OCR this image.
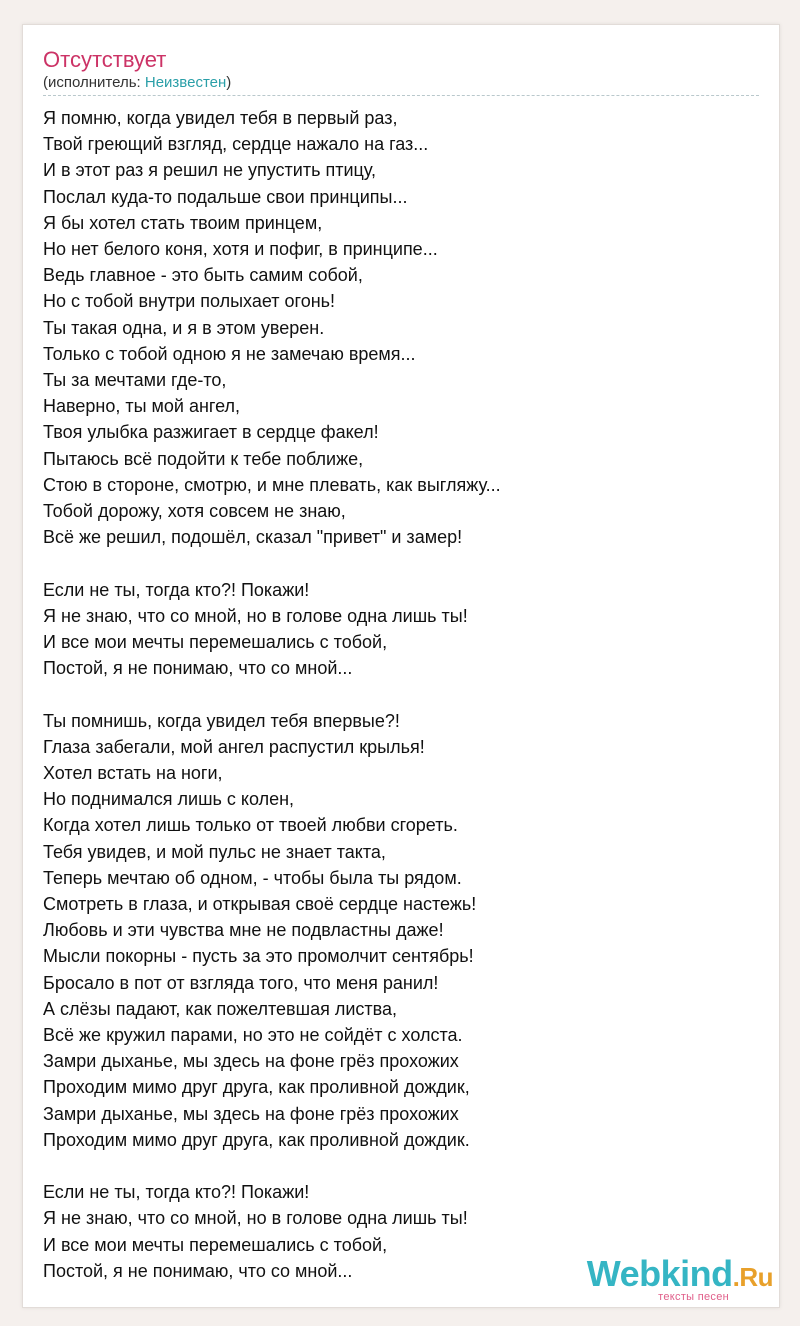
Отсутствует
(исполнитель: Неизвестен)
Я помню, когда увидел тебя в первый раз,
Твой греющий взгляд, сердце нажало на газ...
И в этот раз я решил не упустить птицу,
Послал куда-то подальше свои принципы...
Я бы хотел стать твоим принцем,
Но нет белого коня, хотя и пофиг, в принципе...
Ведь главное - это быть самим собой,
Но с тобой внутри полыхает огонь!
Ты такая одна, и я в этом уверен.
Только с тобой одною я не замечаю время...
Ты за мечтами где-то,
Наверно, ты мой ангел,
Твоя улыбка разжигает в сердце факел!
Пытаюсь всё подойти к тебе поближе,
Стою в стороне, смотрю, и мне плевать, как выгляжу...
Тобой дорожу, хотя совсем не знаю,
Всё же решил, подошёл, сказал "привет" и замер!
Если не ты, тогда кто?! Покажи!
Я не знаю, что со мной, но в голове одна лишь ты!
И все мои мечты перемешались с тобой,
Постой, я не понимаю, что со мной...
Ты помнишь, когда увидел тебя впервые?!
Глаза забегали, мой ангел распустил крылья!
Хотел встать на ноги,
Но поднимался лишь с колен,
Когда хотел лишь только от твоей любви сгореть.
Тебя увидев, и мой пульс не знает такта,
Теперь мечтаю об одном, - чтобы была ты рядом.
Смотреть в глаза, и открывая своё сердце настежь!
Любовь и эти чувства мне не подвластны даже!
Мысли покорны - пусть за это промолчит сентябрь!
Бросало в пот от взгляда того, что меня ранил!
А слёзы падают, как пожелтевшая листва,
Всё же кружил парами, но это не сойдёт с холста.
Замри дыханье, мы здесь на фоне грёз прохожих
Проходим мимо друг друга, как проливной дождик,
Замри дыханье, мы здесь на фоне грёз прохожих
Проходим мимо друг друга, как проливной дождик.
Если не ты, тогда кто?! Покажи!
Я не знаю, что со мной, но в голове одна лишь ты!
И все мои мечты перемешались с тобой,
Постой, я не понимаю, что со мной...	Webkind.Ru
тексты песен
